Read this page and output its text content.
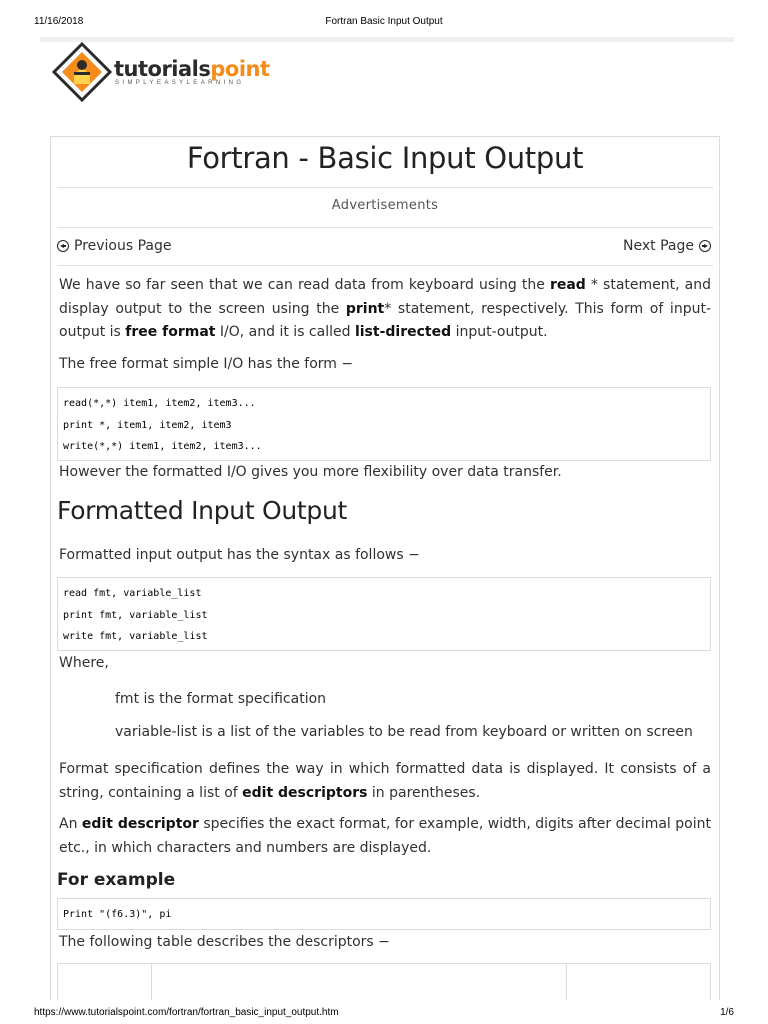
11/16/2018	Fortran Basic Input Output
tutorialspoint
SIMPLYEASYLEARNING
Fortran - Basic Input Output
Advertisements
Previous Page	Next Page

We have so far seen that we can read data from keyboard using the read * statement, and display output to the screen using the print* statement, respectively. This form of input-output is free format I/O, and it is called list-directed input-output.

The free format simple I/O has the form −

read(*,*) item1, item2, item3...
print *, item1, item2, item3
write(*,*) item1, item2, item3...

However the formatted I/O gives you more flexibility over data transfer.

Formatted Input Output

Formatted input output has the syntax as follows −

read fmt, variable_list
print fmt, variable_list
write fmt, variable_list

Where,

fmt is the format specification
variable-list is a list of the variables to be read from keyboard or written on screen

Format specification defines the way in which formatted data is displayed. It consists of a string, containing a list of edit descriptors in parentheses.

An edit descriptor specifies the exact format, for example, width, digits after decimal point etc., in which characters and numbers are displayed.

For example
Print "(f6.3)", pi

The following table describes the descriptors −

https://www.tutorialspoint.com/fortran/fortran_basic_input_output.htm	1/6
